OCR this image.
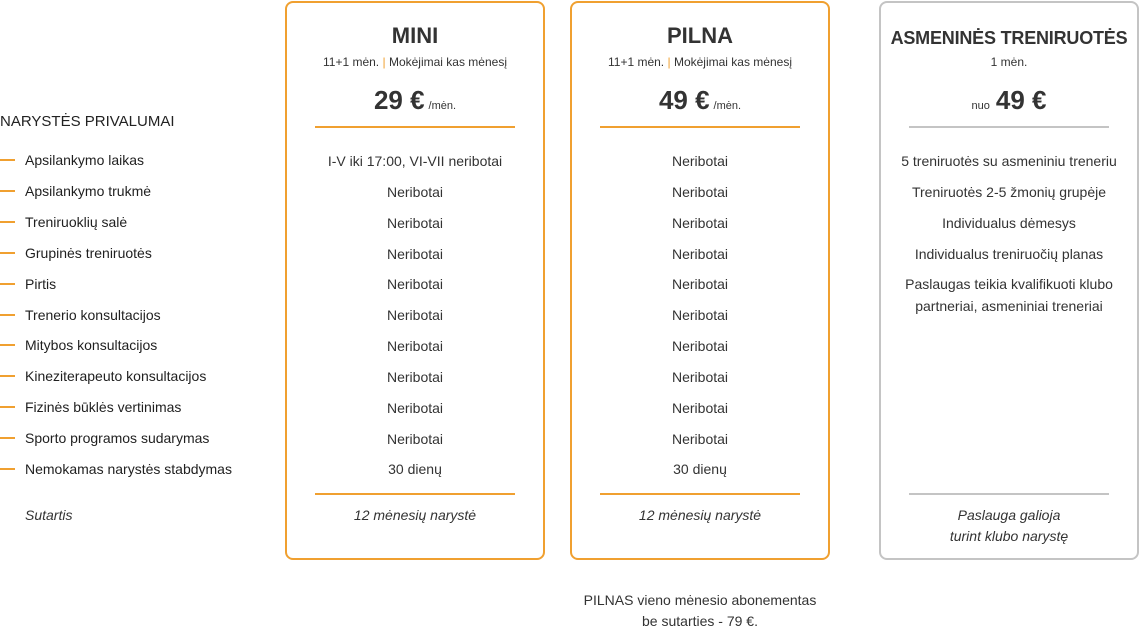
NARYSTĖS PRIVALUMAI
Apsilankymo laikas
Apsilankymo trukmė
Treniruoklių salė
Grupinės treniruotės
Pirtis
Trenerio konsultacijos
Mitybos konsultacijos
Kineziterapeuto konsultacijos
Fizinės būklės vertinimas
Sporto programos sudarymas
Nemokamas narystės stabdymas
Sutartis
MINI
11+1 mėn. | Mokėjimai kas mėnesį
29 € /mėn.
I-V iki 17:00, VI-VII neribotai
Neribotai
Neribotai
Neribotai
Neribotai
Neribotai
Neribotai
Neribotai
Neribotai
Neribotai
30 dienų
12 mėnesių narystė
PILNA
11+1 mėn. | Mokėjimai kas mėnesį
49 € /mėn.
Neribotai
Neribotai
Neribotai
Neribotai
Neribotai
Neribotai
Neribotai
Neribotai
Neribotai
Neribotai
30 dienų
12 mėnesių narystė
ASMENINĖS TRENIRUOTĖS
1 mėn.
nuo 49 €
5 treniruotės su asmeniniu treneriu
Treniruotės 2-5 žmonių grupėje
Individualus dėmesys
Individualus treniruočių planas
Paslaugas teikia kvalifikuoti klubo partneriai, asmeniniai treneriai
Paslauga galioja
turint klubo narystę
PILNAS vieno mėnesio abonementas
be sutarties - 79 €.
